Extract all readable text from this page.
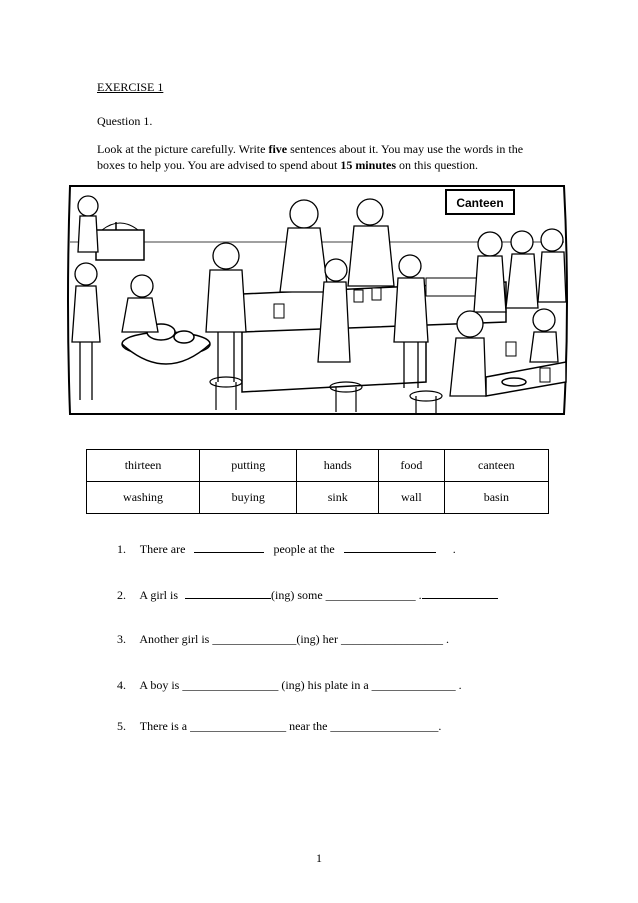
EXERCISE 1
Question 1.
Look at the picture carefully. Write five sentences about it. You may use the words in the boxes to help you. You are advised to spend about 15 minutes on this question.
Canteen
thirteen	putting	hands	food	canteen
washing	buying	sink	wall	basin
1. There are	people at the	.
2. A girl is	(ing) some _______________ .
3. Another girl is ______________(ing) her _________________ .
4. A boy is ________________ (ing) his plate in a ______________ .
5. There is a ________________ near the __________________.
1
